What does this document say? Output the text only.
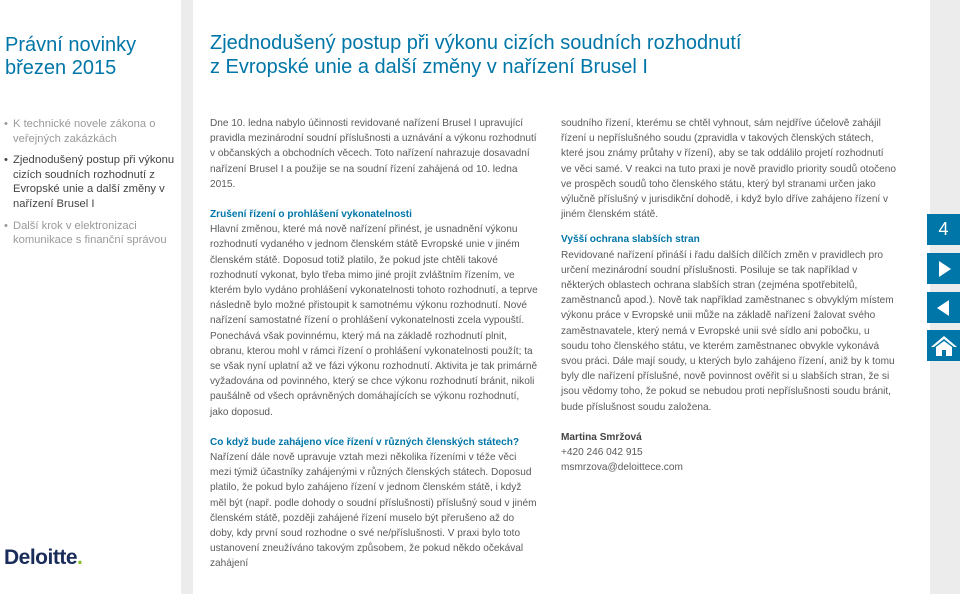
Právní novinky
březen 2015
• K technické novele zákona o veřejných zakázkách
• Zjednodušený postup při výkonu cizích soudních rozhodnutí z Evropské unie a další změny v nařízení Brusel I
• Další krok v elektronizaci komunikace s finanční správou
Deloitte.
Zjednodušený postup při výkonu cizích soudních rozhodnutí
z Evropské unie a další změny v nařízení Brusel I

Dne 10. ledna nabylo účinnosti revidované nařízení Brusel I upravující pravidla mezinárodní soudní příslušnosti a uznávání a výkonu rozhodnutí v občanských a obchodních věcech. Toto nařízení nahrazuje dosavadní nařízení Brusel I a použije se na soudní řízení zahájená od 10. ledna 2015.

Zrušení řízení o prohlášení vykonatelnosti

Hlavní změnou, které má nově nařízení přinést, je usnadnění výkonu rozhodnutí vydaného v jednom členském státě Evropské unie v jiném členském státě. Doposud totiž platilo, že pokud jste chtěli takové rozhodnutí vykonat, bylo třeba mimo jiné projít zvláštním řízením, ve kterém bylo vydáno prohlášení vykonatelnosti tohoto rozhodnutí, a teprve následně bylo možné přistoupit k samotnému výkonu rozhodnutí. Nové nařízení samostatné řízení o prohlášení vykonatelnosti zcela vypouští. Ponechává však povinnému, který má na základě rozhodnutí plnit, obranu, kterou mohl v rámci řízení o prohlášení vykonatelnosti použít; ta se však nyní uplatní až ve fázi výkonu rozhodnutí. Aktivita je tak primárně vyžadována od povinného, který se chce výkonu rozhodnutí bránit, nikoli paušálně od všech oprávněných domáhajících se výkonu rozhodnutí, jako doposud.

Co když bude zahájeno více řízení v různých členských státech?

Nařízení dále nově upravuje vztah mezi několika řízeními v téže věci mezi týmiž účastníky zahájenými v různých členských státech. Doposud platilo, že pokud bylo zahájeno řízení v jednom členském státě, i když měl být (např. podle dohody o soudní příslušnosti) příslušný soud v jiném členském státě, později zahájené řízení muselo být přerušeno až do doby, kdy první soud rozhodne o své ne/příslušnosti. V praxi bylo toto ustanovení zneužíváno takovým způsobem, že pokud někdo očekával zahájení

soudního řízení, kterému se chtěl vyhnout, sám nejdříve účelově zahájil řízení u nepříslušného soudu (zpravidla v takových členských státech, které jsou známy průtahy v řízení), aby se tak oddálilo projetí rozhodnutí ve věci samé. V reakci na tuto praxi je nově pravidlo priority soudů otočeno ve prospěch soudů toho členského státu, který byl stranami určen jako výlučně příslušný v jurisdikční dohodě, i když bylo dříve zahájeno řízení v jiném členském státě.

Vyšší ochrana slabších stran

Revidované nařízení přináší i řadu dalších dílčích změn v pravidlech pro určení mezinárodní soudní příslušnosti. Posiluje se tak například v některých oblastech ochrana slabších stran (zejména spotřebitelů, zaměstnanců apod.). Nově tak například zaměstnanec s obvyklým místem výkonu práce v Evropské unii může na základě nařízení žalovat svého zaměstnavatele, který nemá v Evropské unii své sídlo ani pobočku, u soudu toho členského státu, ve kterém zaměstnanec obvykle vykonává svou práci. Dále mají soudy, u kterých bylo zahájeno řízení, aniž by k tomu byly dle nařízení příslušné, nově povinnost ověřit si u slabších stran, že si jsou vědomy toho, že pokud se nebudou proti nepříslušnosti soudu bránit, bude příslušnost soudu založena.

Martina Smržová
+420 246 042 915
msmrzova@deloittece.com
4
